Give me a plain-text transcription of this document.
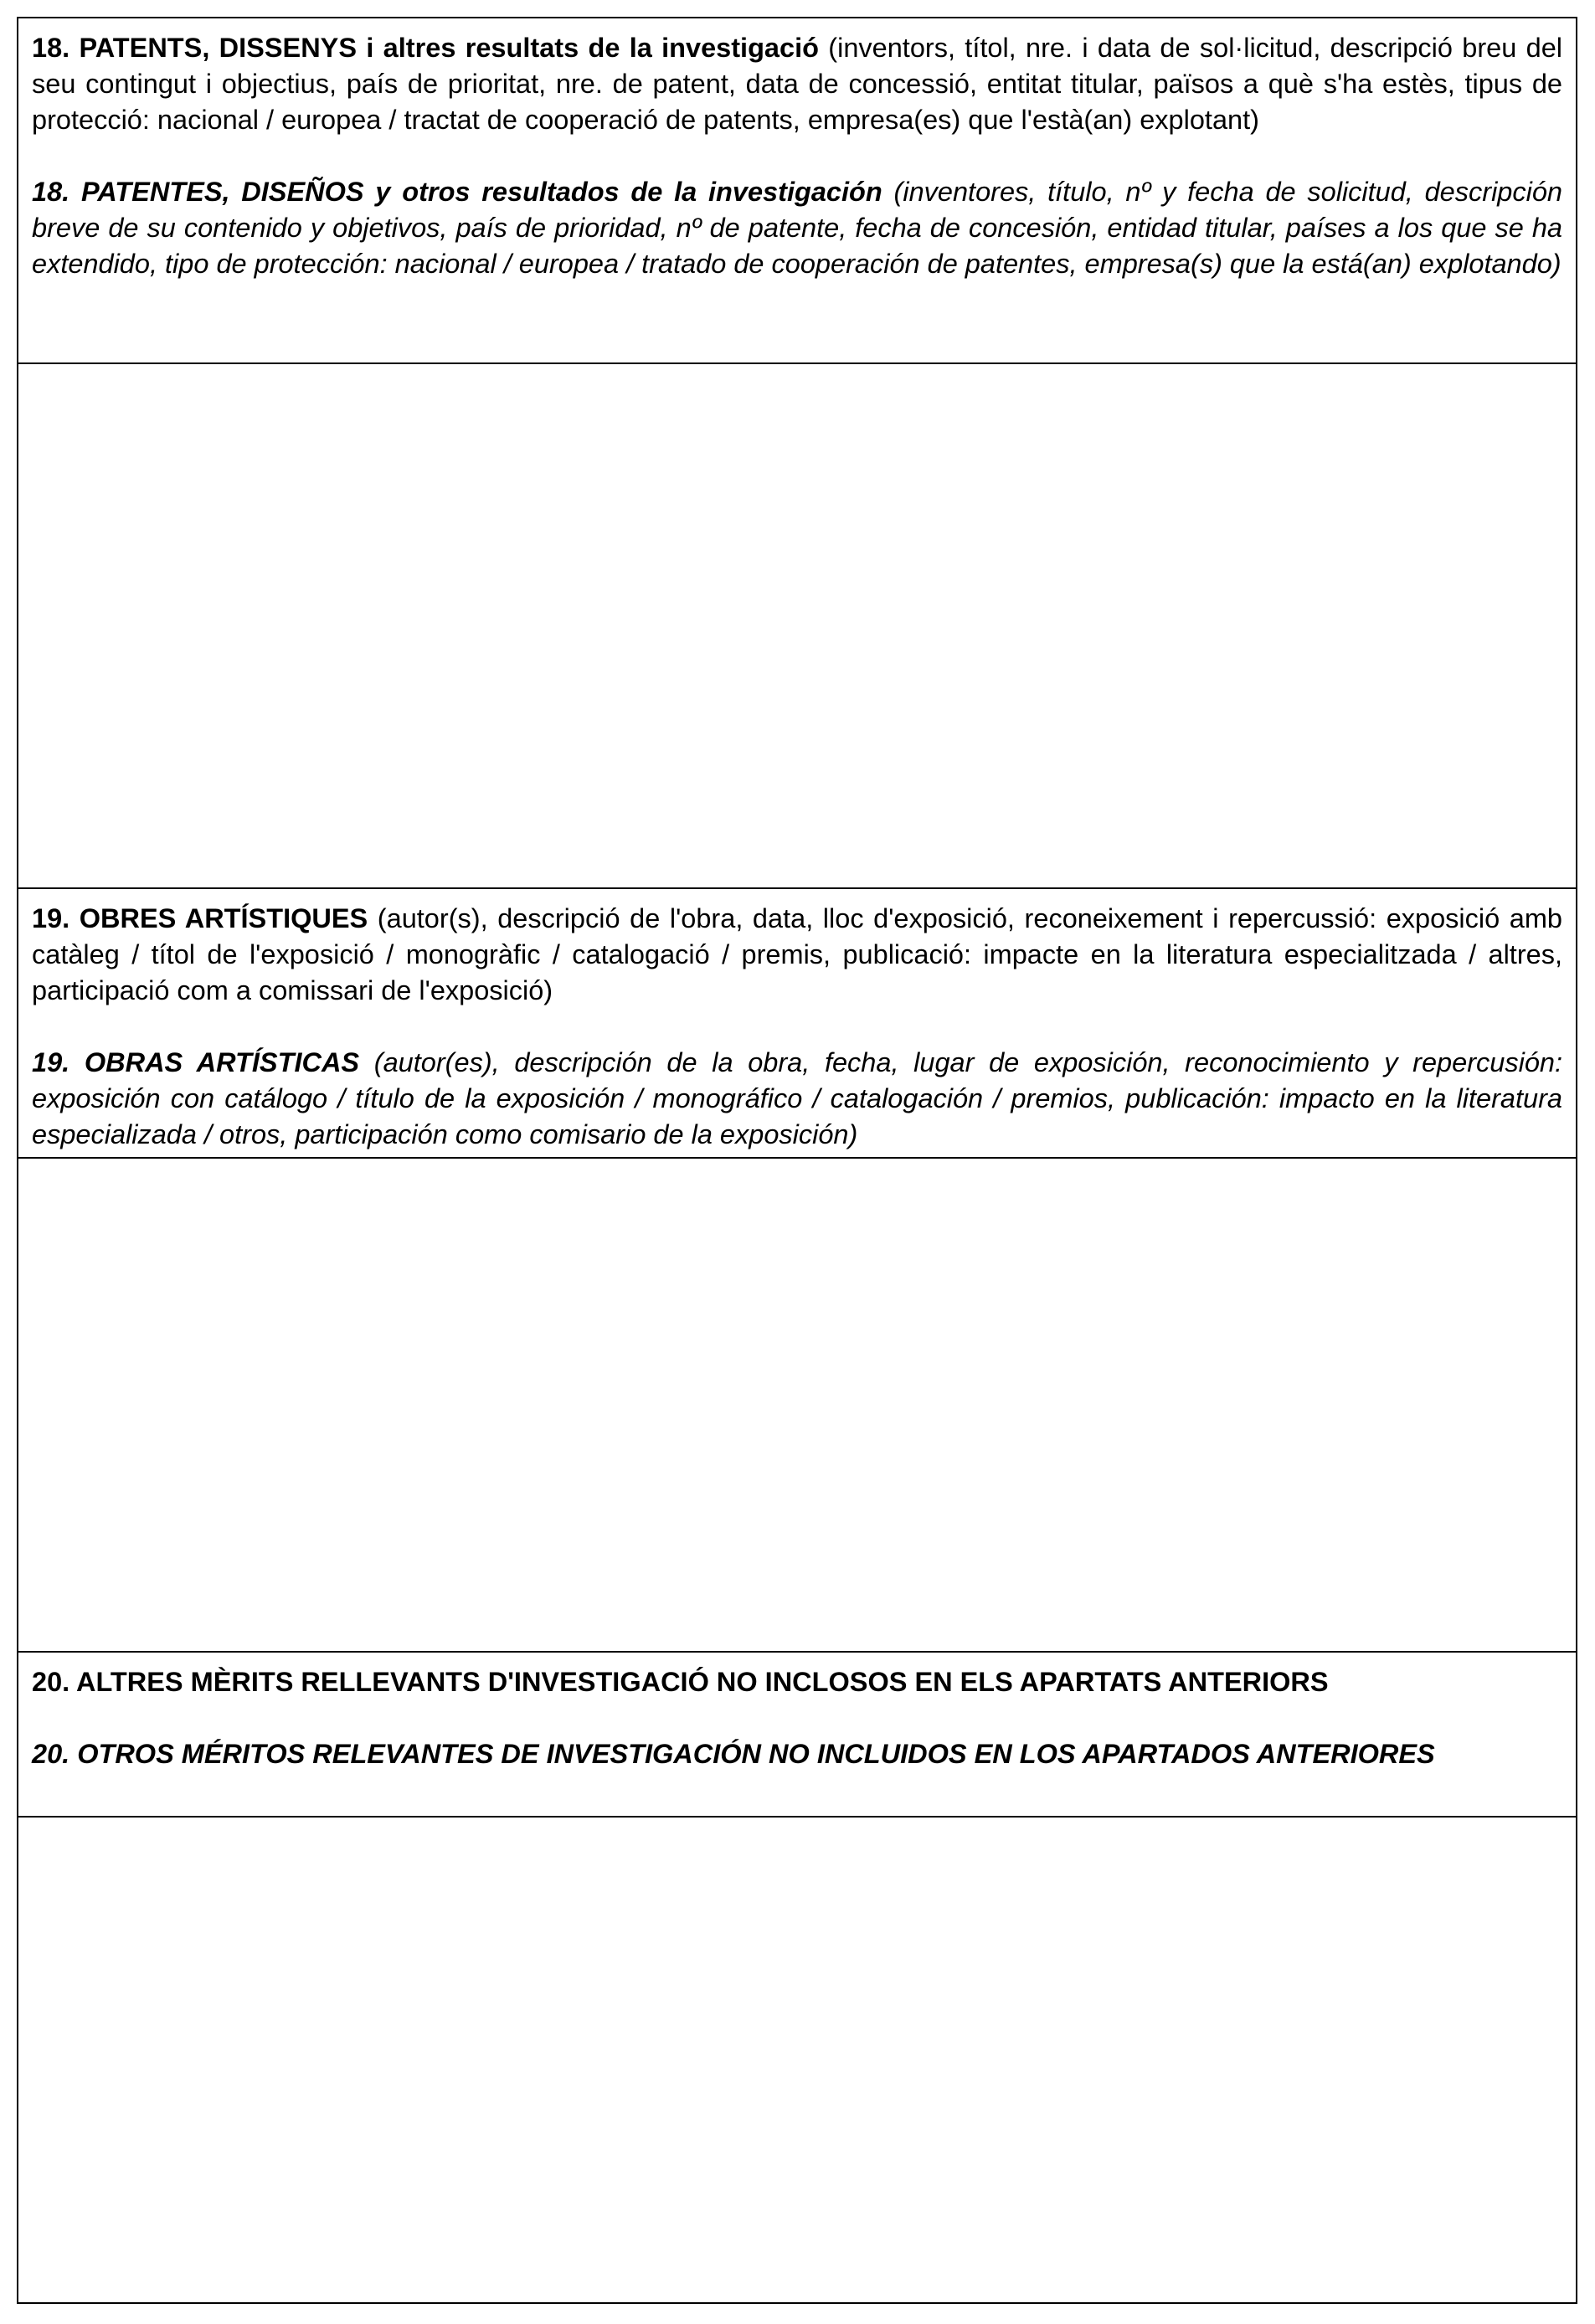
18. PATENTS, DISSENYS i altres resultats de la investigació (inventors, títol, nre. i data de sol·licitud, descripció breu del seu contingut i objectius, país de prioritat, nre. de patent, data de concessió, entitat titular, països a què s'ha estès, tipus de protecció: nacional / europea / tractat de cooperació de patents, empresa(es) que l'està(an) explotant)

18. PATENTES, DISEÑOS y otros resultados de la investigación (inventores, título, nº y fecha de solicitud, descripción breve de su contenido y objetivos, país de prioridad, nº de patente, fecha de concesión, entidad titular, países a los que se ha extendido, tipo de protección: nacional / europea / tratado de cooperación de patentes, empresa(s) que la está(an) explotando)

19. OBRES ARTÍSTIQUES (autor(s), descripció de l'obra, data, lloc d'exposició, reconeixement i repercussió: exposició amb catàleg / títol de l'exposició / monogràfic / catalogació / premis, publicació: impacte en la literatura especialitzada / altres, participació com a comissari de l'exposició)

19. OBRAS ARTÍSTICAS (autor(es), descripción de la obra, fecha, lugar de exposición, reconocimiento y repercusión: exposición con catálogo / título de la exposición / monográfico / catalogación / premios, publicación: impacto en la literatura especializada / otros, participación como comisario de la exposición)

20. ALTRES MÈRITS RELLEVANTS D'INVESTIGACIÓ NO INCLOSOS EN ELS APARTATS ANTERIORS

20. OTROS MÉRITOS RELEVANTES DE INVESTIGACIÓN NO INCLUIDOS EN LOS APARTADOS ANTERIORES
